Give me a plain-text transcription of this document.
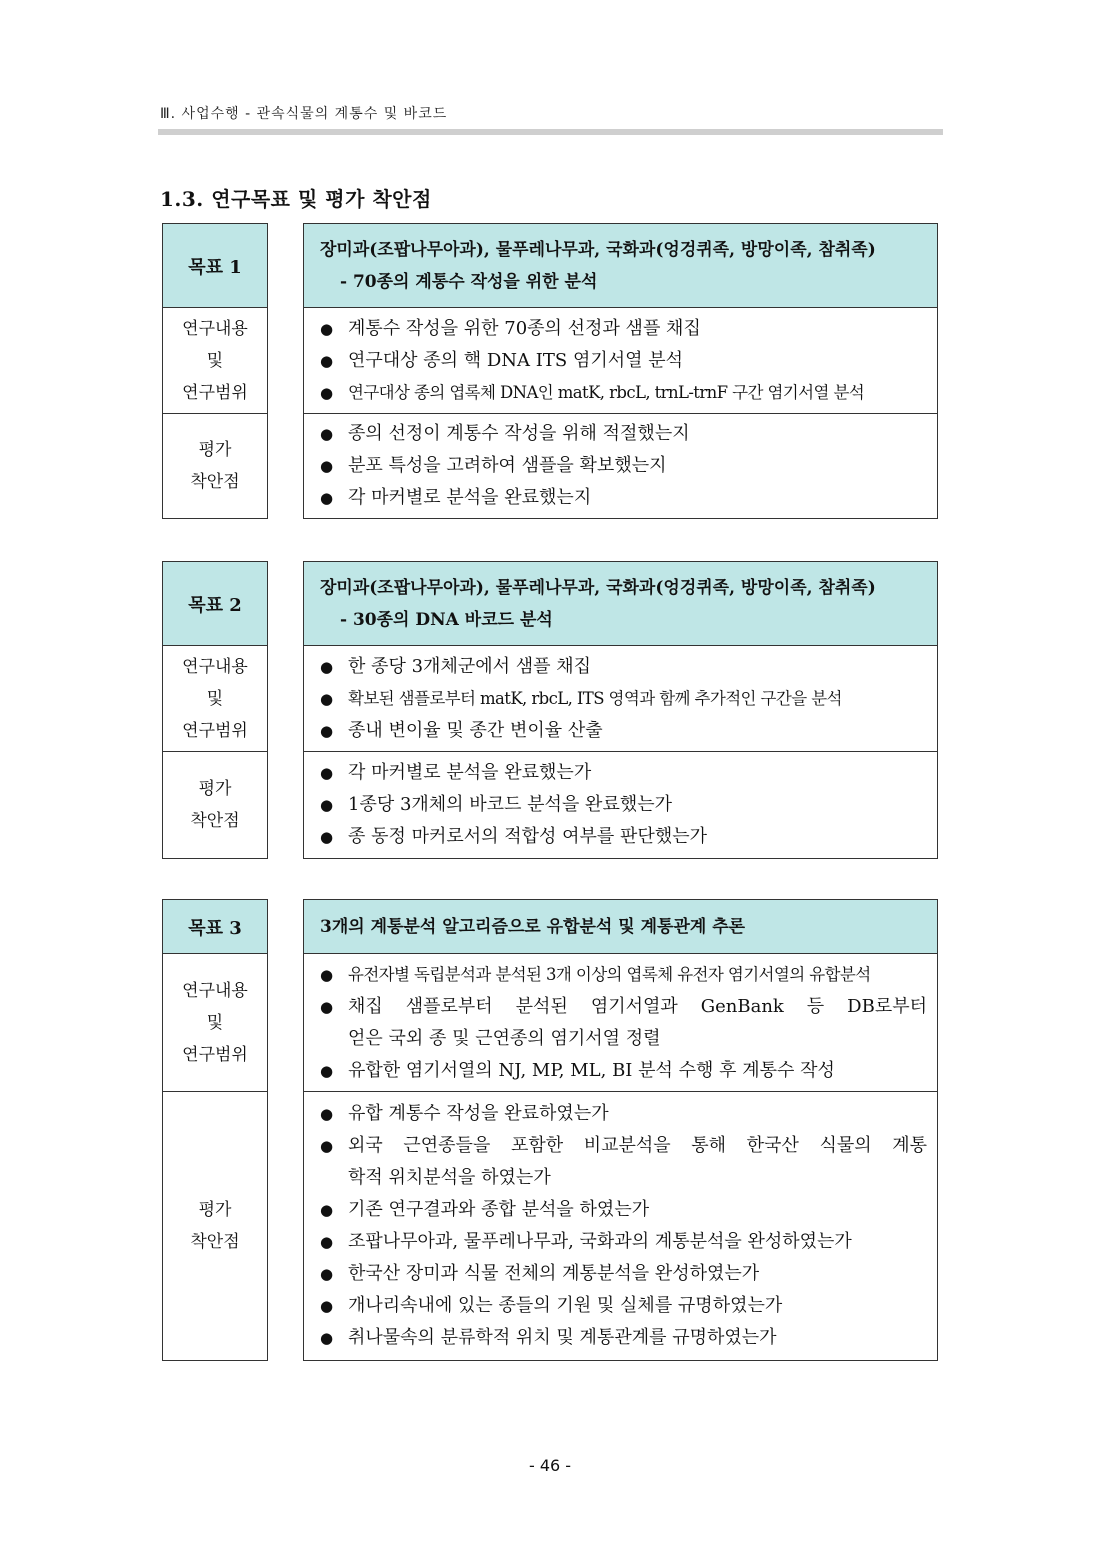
Ⅲ. 사업수행 - 관속식물의 계통수 및 바코드
1.3. 연구목표 및 평가 착안점
목표 1
연구내용
및
연구범위
평가
착안점
장미과(조팝나무아과), 물푸레나무과, 국화과(엉겅퀴족, 방망이족, 참취족)
- 70종의 계통수 작성을 위한 분석
● 계통수 작성을 위한 70종의 선정과 샘플 채집
● 연구대상 종의 핵 DNA ITS 염기서열 분석
● 연구대상 종의 엽록체 DNA인 matK, rbcL, trnL-trnF 구간 염기서열 분석
● 종의 선정이 계통수 작성을 위해 적절했는지
● 분포 특성을 고려하여 샘플을 확보했는지
● 각 마커별로 분석을 완료했는지
목표 2
연구내용
및
연구범위
평가
착안점
장미과(조팝나무아과), 물푸레나무과, 국화과(엉겅퀴족, 방망이족, 참취족)
- 30종의 DNA 바코드 분석
● 한 종당 3개체군에서 샘플 채집
● 확보된 샘플로부터 matK, rbcL, ITS 영역과 함께 추가적인 구간을 분석
● 종내 변이율 및 종간 변이율 산출
● 각 마커별로 분석을 완료했는가
● 1종당 3개체의 바코드 분석을 완료했는가
● 종 동정 마커로서의 적합성 여부를 판단했는가
목표 3
연구내용
및
연구범위
평가
착안점
3개의 계통분석 알고리즘으로 유합분석 및 계통관계 추론
● 유전자별 독립분석과 분석된 3개 이상의 엽록체 유전자 염기서열의 유합분석
● 채집 샘플로부터 분석된 염기서열과 GenBank 등 DB로부터
얻은 국외 종 및 근연종의 염기서열 정렬
● 유합한 염기서열의 NJ, MP, ML, BI 분석 수행 후 계통수 작성
● 유합 계통수 작성을 완료하였는가
● 외국 근연종들을 포함한 비교분석을 통해 한국산 식물의 계통
학적 위치분석을 하였는가
● 기존 연구결과와 종합 분석을 하였는가
● 조팝나무아과, 물푸레나무과, 국화과의 계통분석을 완성하였는가
● 한국산 장미과 식물 전체의 계통분석을 완성하였는가
● 개나리속내에 있는 종들의 기원 및 실체를 규명하였는가
● 취나물속의 분류학적 위치 및 계통관계를 규명하였는가
- 46 -
